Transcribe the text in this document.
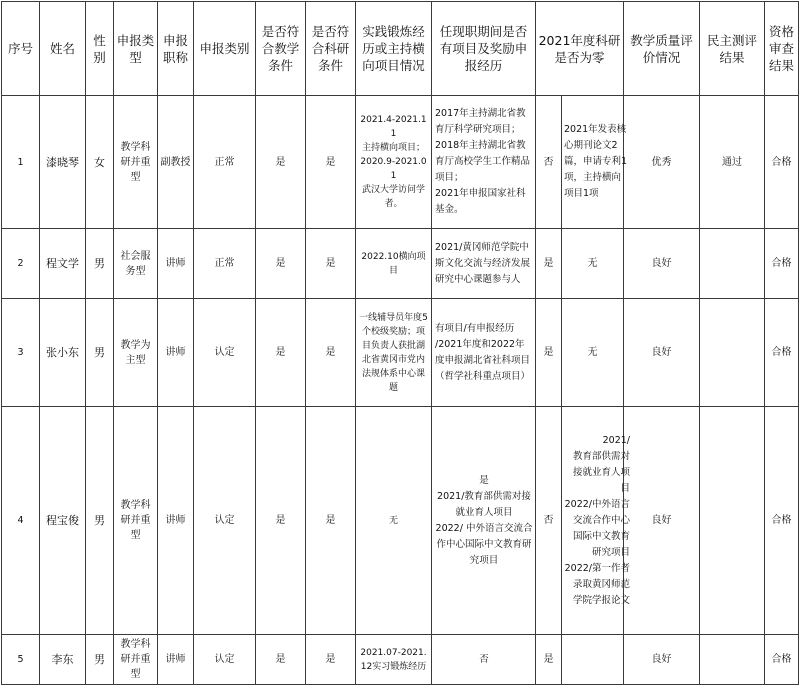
序号	姓名	性别	申报类型	申报职称	申报类别	是否符合教学条件	是否符合科研条件	实践锻炼经历或主持横向项目情况	任现职期间是否有项目及奖励申报经历	2021年度科研是否为零		教学质量评价情况	民主测评结果	资格审查结果
1	漆晓琴	女	教学科研并重型	副教授	正常	是	是	2021.4-2021.11
主持横向项目；
2020.9-2021.01
武汉大学访问学者。	2017年主持湖北省教育厅科学研究项目；
2018年主持湖北省教育厅高校学生工作精品项目；
2021年申报国家社科基金。	否	2021年发表核心期刊论文2篇，申请专利1项，主持横向项目1项	优秀	通过	合格
2	程文学	男	社会服务型	讲师	正常	是	是	2022.10横向项目	2021/黄冈师范学院中斯文化交流与经济发展研究中心课题参与人	是	无	良好		合格
3	张小东	男	教学为主型	讲师	认定	是	是	一线辅导员年度5个校级奖励；项目负责人获批湖北省黄冈市党内法规体系中心课题	有项目/有申报经历
/2021年度和2022年度申报湖北省社科项目（哲学社科重点项目）	是	无	良好		合格
4	程宝俊	男	教学科研并重型	讲师	认定	是	是	无	是
2021/教育部供需对接就业育人项目
2022/ 中外语言交流合作中心国际中文教育研究项目	否	2021/
教育部供需对接就业育人项目
2022/中外语言交流合作中心国际中文教育研究项目
2022/第一作者录取黄冈师范学院学报论文	良好		合格
5	李东	男	教学科研并重型	讲师	认定	是	是	2021.07-2021.12实习锻炼经历	否	是		良好		合格
